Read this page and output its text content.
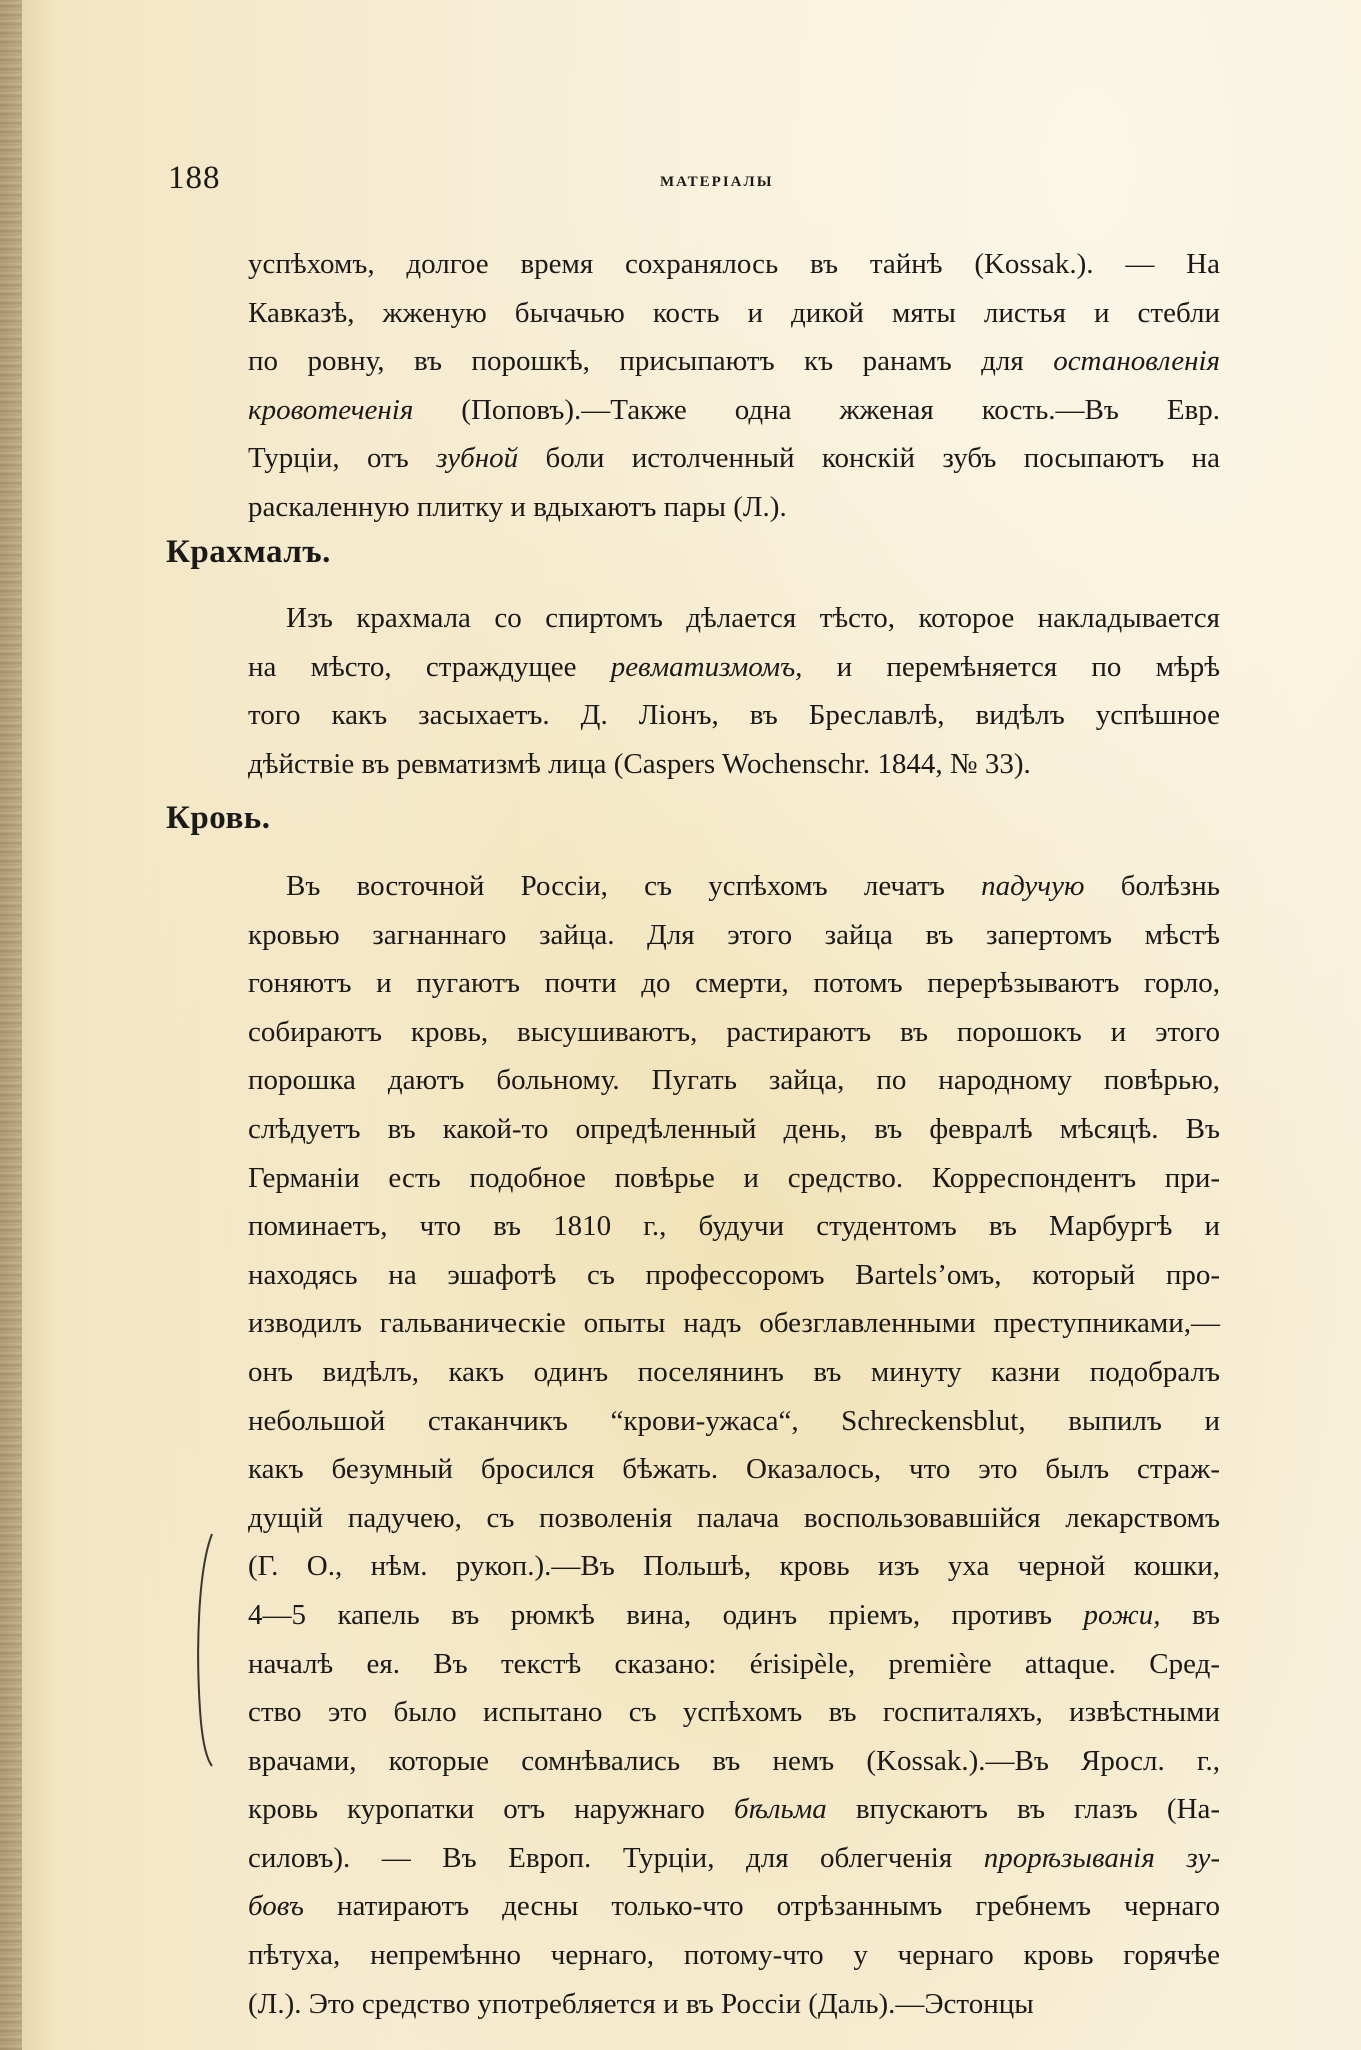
188	МАТЕРІАЛЫ
успѣхомъ, долгое время сохранялось въ тайнѣ (Kossak.). — На
Кавказѣ, жженую бычачью кость и дикой мяты листья и стебли
по ровну, въ порошкѣ, присыпаютъ къ ранамъ для остановленія
кровотеченія (Поповъ).—Также одна жженая кость.—Въ Евр.
Турціи, отъ зубной боли истолченный конскій зубъ посыпаютъ на
раскаленную плитку и вдыхаютъ пары (Л.).
Крахмалъ.
Изъ крахмала со спиртомъ дѣлается тѣсто, которое накладывается
на мѣсто, страждущее ревматизмомъ, и перемѣняется по мѣрѣ
того какъ засыхаетъ. Д. Ліонъ, въ Бреславлѣ, видѣлъ успѣшное
дѣйствіе въ ревматизмѣ лица (Caspers Wochenschr. 1844, № 33).
Кровь.
Въ восточной Россіи, съ успѣхомъ лечатъ падучую болѣзнь
кровью загнаннаго зайца. Для этого зайца въ запертомъ мѣстѣ
гоняютъ и пугаютъ почти до смерти, потомъ перерѣзываютъ горло,
собираютъ кровь, высушиваютъ, растираютъ въ порошокъ и этого
порошка даютъ больному. Пугать зайца, по народному повѣрью,
слѣдуетъ въ какой-то опредѣленный день, въ февралѣ мѣсяцѣ. Въ
Германіи есть подобное повѣрье и средство. Корреспондентъ при-
поминаетъ, что въ 1810 г., будучи студентомъ въ Марбургѣ и
находясь на эшафотѣ съ профессоромъ Bartels’омъ, который про-
изводилъ гальваническіе опыты надъ обезглавленными преступниками,—
онъ видѣлъ, какъ одинъ поселянинъ въ минуту казни подобралъ
небольшой стаканчикъ “крови-ужаса“, Schreckensblut, выпилъ и
какъ безумный бросился бѣжать. Оказалось, что это былъ страж-
дущій падучею, съ позволенія палача воспользовавшійся лекарствомъ
(Г. О., нѣм. рукоп.).—Въ Польшѣ, кровь изъ уха черной кошки,
4—5 капель въ рюмкѣ вина, одинъ пріемъ, противъ рожи, въ
началѣ ея. Въ текстѣ сказано: érisipèle, première attaque. Сред-
ство это было испытано съ успѣхомъ въ госпиталяхъ, извѣстными
врачами, которые сомнѣвались въ немъ (Kossak.).—Въ Яросл. г.,
кровь куропатки отъ наружнаго бѣльма впускаютъ въ глазъ (На-
силовъ). — Въ Европ. Турціи, для облегченія прорѣзыванія зу-
бовъ натираютъ десны только-что отрѣзаннымъ гребнемъ чернаго
пѣтуха, непремѣнно чернаго, потому-что у чернаго кровь горячѣе
(Л.). Это средство употребляется и въ Россіи (Даль).—Эстонцы
